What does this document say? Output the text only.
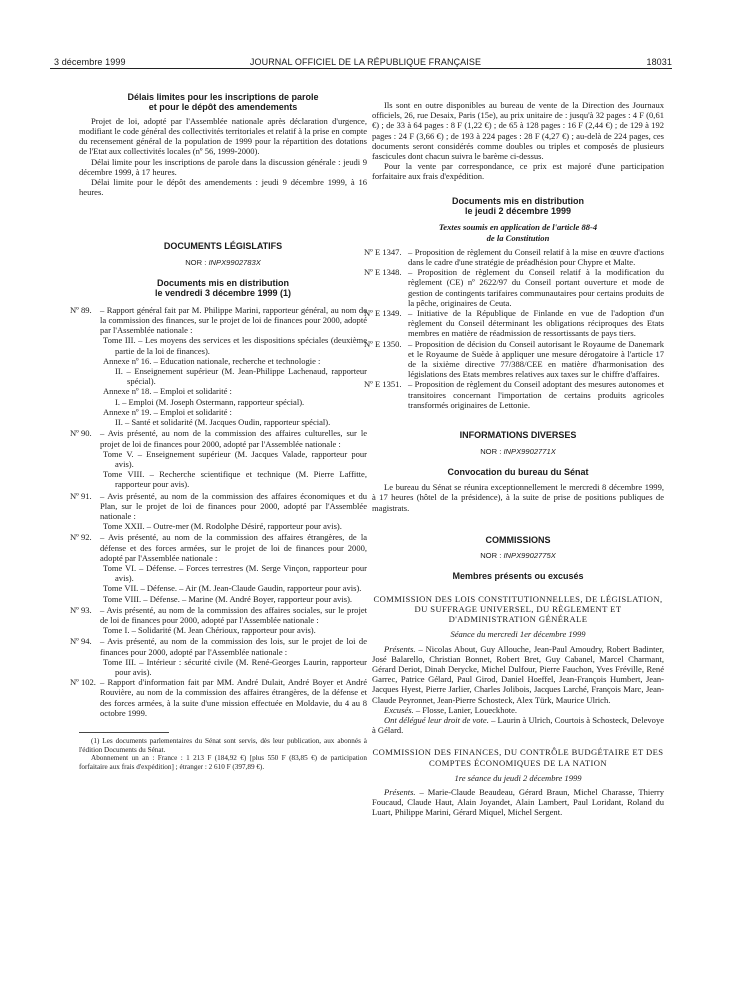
3 décembre 1999	JOURNAL OFFICIEL DE LA RÉPUBLIQUE FRANÇAISE	18031
Délais limites pour les inscriptions de parole
et pour le dépôt des amendements

Projet de loi, adopté par l'Assemblée nationale après déclaration d'urgence, modifiant le code général des collectivités territoriales et relatif à la prise en compte du recensement général de la population de 1999 pour la répartition des dotations de l'Etat aux collectivités locales (nº 56, 1999-2000).

Délai limite pour les inscriptions de parole dans la discussion générale : jeudi 9 décembre 1999, à 17 heures.

Délai limite pour le dépôt des amendements : jeudi 9 décembre 1999, à 16 heures.

DOCUMENTS LÉGISLATIFS
NOR : INPX9902783X
Documents mis en distribution
le vendredi 3 décembre 1999 (1)
Nº 89. – Rapport général fait par M. Philippe Marini, rapporteur général, au nom de la commission des finances, sur le projet de loi de finances pour 2000, adopté par l'Assemblée nationale :

Tome III. – Les moyens des services et les dispositions spéciales (deuxième partie de la loi de finances).

Annexe nº 16. – Education nationale, recherche et technologie :

II. – Enseignement supérieur (M. Jean-Philippe Lachenaud, rapporteur spécial).

Annexe nº 18. – Emploi et solidarité :

I. – Emploi (M. Joseph Ostermann, rapporteur spécial).

Annexe nº 19. – Emploi et solidarité :

II. – Santé et solidarité (M. Jacques Oudin, rapporteur spécial).

Nº 90. – Avis présenté, au nom de la commission des affaires culturelles, sur le projet de loi de finances pour 2000, adopté par l'Assemblée nationale :

Tome V. – Enseignement supérieur (M. Jacques Valade, rapporteur pour avis).

Tome VIII. – Recherche scientifique et technique (M. Pierre Laffitte, rapporteur pour avis).

Nº 91. – Avis présenté, au nom de la commission des affaires économiques et du Plan, sur le projet de loi de finances pour 2000, adopté par l'Assemblée nationale :

Tome XXII. – Outre-mer (M. Rodolphe Désiré, rapporteur pour avis).

Nº 92. – Avis présenté, au nom de la commission des affaires étrangères, de la défense et des forces armées, sur le projet de loi de finances pour 2000, adopté par l'Assemblée nationale :

Tome VI. – Défense. – Forces terrestres (M. Serge Vinçon, rapporteur pour avis).

Tome VII. – Défense. – Air (M. Jean-Claude Gaudin, rapporteur pour avis).

Tome VIII. – Défense. – Marine (M. André Boyer, rapporteur pour avis).

Nº 93. – Avis présenté, au nom de la commission des affaires sociales, sur le projet de loi de finances pour 2000, adopté par l'Assemblée nationale :

Tome I. – Solidarité (M. Jean Chérioux, rapporteur pour avis).

Nº 94. – Avis présenté, au nom de la commission des lois, sur le projet de loi de finances pour 2000, adopté par l'Assemblée nationale :

Tome III. – Intérieur : sécurité civile (M. René-Georges Laurin, rapporteur pour avis).

Nº 102. – Rapport d'information fait par MM. André Dulait, André Boyer et André Rouvière, au nom de la commission des affaires étrangères, de la défense et des forces armées, à la suite d'une mission effectuée en Moldavie, du 4 au 8 octobre 1999.

(1) Les documents parlementaires du Sénat sont servis, dès leur publication, aux abonnés à l'édition Documents du Sénat.

Abonnement un an : France : 1 213 F (184,92 €) [plus 550 F (83,85 €) de participation forfaitaire aux frais d'expédition] ; étranger : 2 610 F (397,89 €).

Ils sont en outre disponibles au bureau de vente de la Direction des Journaux officiels, 26, rue Desaix, Paris (15e), au prix unitaire de : jusqu'à 32 pages : 4 F (0,61 €) ; de 33 à 64 pages : 8 F (1,22 €) ; de 65 à 128 pages : 16 F (2,44 €) ; de 129 à 192 pages : 24 F (3,66 €) ; de 193 à 224 pages : 28 F (4,27 €) ; au-delà de 224 pages, ces documents seront considérés comme doubles ou triples et composés de plusieurs fascicules dont chacun suivra le barème ci-dessus.

Pour la vente par correspondance, ce prix est majoré d'une participation forfaitaire aux frais d'expédition.

Documents mis en distribution
le jeudi 2 décembre 1999
Textes soumis en application de l'article 88-4
de la Constitution
Nº E 1347. – Proposition de règlement du Conseil relatif à la mise en œuvre d'actions dans le cadre d'une stratégie de préadhésion pour Chypre et Malte.
Nº E 1348. – Proposition de règlement du Conseil relatif à la modification du règlement (CE) nº 2622/97 du Conseil portant ouverture et mode de gestion de contingents tarifaires communautaires pour certains produits de la pêche, originaires de Ceuta.
Nº E 1349. – Initiative de la République de Finlande en vue de l'adoption d'un règlement du Conseil déterminant les obligations réciproques des Etats membres en matière de réadmission de ressortissants de pays tiers.
Nº E 1350. – Proposition de décision du Conseil autorisant le Royaume de Danemark et le Royaume de Suède à appliquer une mesure dérogatoire à l'article 17 de la sixième directive 77/388/CEE en matière d'harmonisation des législations des Etats membres relatives aux taxes sur le chiffre d'affaires.
Nº E 1351. – Proposition de règlement du Conseil adoptant des mesures autonomes et transitoires concernant l'importation de certains produits agricoles transformés originaires de Lettonie.
INFORMATIONS DIVERSES
NOR : INPX9902771X
Convocation du bureau du Sénat

Le bureau du Sénat se réunira exceptionnellement le mercredi 8 décembre 1999, à 17 heures (hôtel de la présidence), à la suite de prise de positions publiques de magistrats.

COMMISSIONS
NOR : INPX9902775X
Membres présents ou excusés

COMMISSION DES LOIS CONSTITUTIONNELLES, DE LÉGISLATION, DU SUFFRAGE UNIVERSEL, DU RÈGLEMENT ET D'ADMINISTRATION GÉNÉRALE

Séance du mercredi 1er décembre 1999

Présents. – Nicolas About, Guy Allouche, Jean-Paul Amoudry, Robert Badinter, José Balarello, Christian Bonnet, Robert Bret, Guy Cabanel, Marcel Charmant, Gérard Deriot, Dinah Derycke, Michel Dulfour, Pierre Fauchon, Yves Fréville, René Garrec, Patrice Gélard, Paul Girod, Daniel Hoeffel, Jean-François Humbert, Jean-Jacques Hyest, Pierre Jarlier, Charles Jolibois, Jacques Larché, François Marc, Jean-Claude Peyronnet, Jean-Pierre Schosteck, Alex Türk, Maurice Ulrich.

Excusés. – Flosse, Lanier, Loueckhote.

Ont délégué leur droit de vote. – Laurin à Ulrich, Courtois à Schosteck, Delevoye à Gélard.

COMMISSION DES FINANCES, DU CONTRÔLE BUDGÉTAIRE ET DES COMPTES ÉCONOMIQUES DE LA NATION

1re séance du jeudi 2 décembre 1999

Présents. – Marie-Claude Beaudeau, Gérard Braun, Michel Charasse, Thierry Foucaud, Claude Haut, Alain Joyandet, Alain Lambert, Paul Loridant, Roland du Luart, Philippe Marini, Gérard Miquel, Michel Sergent.
